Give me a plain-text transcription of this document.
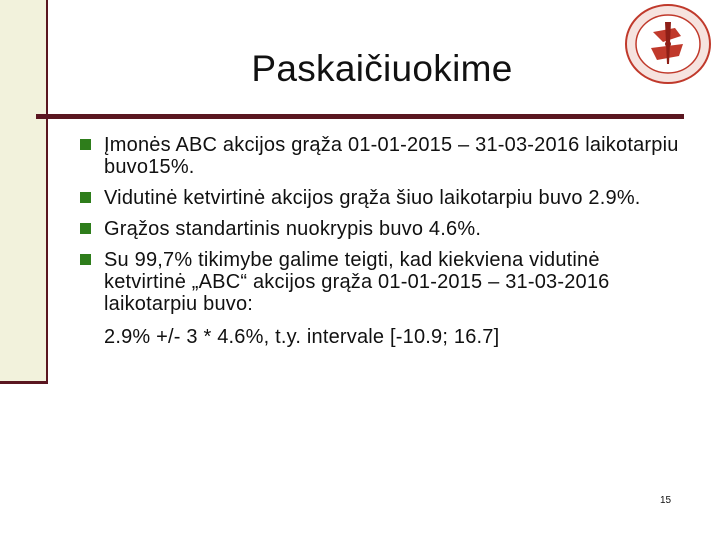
Paskaičiuokime
Įmonės ABC akcijos grąža 01-01-2015 – 31-03-2016 laikotarpiu buvo15%.
Vidutinė ketvirtinė akcijos grąža šiuo laikotarpiu buvo 2.9%.
Grąžos standartinis nuokrypis buvo 4.6%.
Su 99,7% tikimybe galime teigti, kad kiekviena vidutinė ketvirtinė „ABC“ akcijos grąža 01-01-2015 – 31-03-2016 laikotarpiu buvo:
2.9% +/- 3 * 4.6%, t.y. intervale [-10.9; 16.7]
15
